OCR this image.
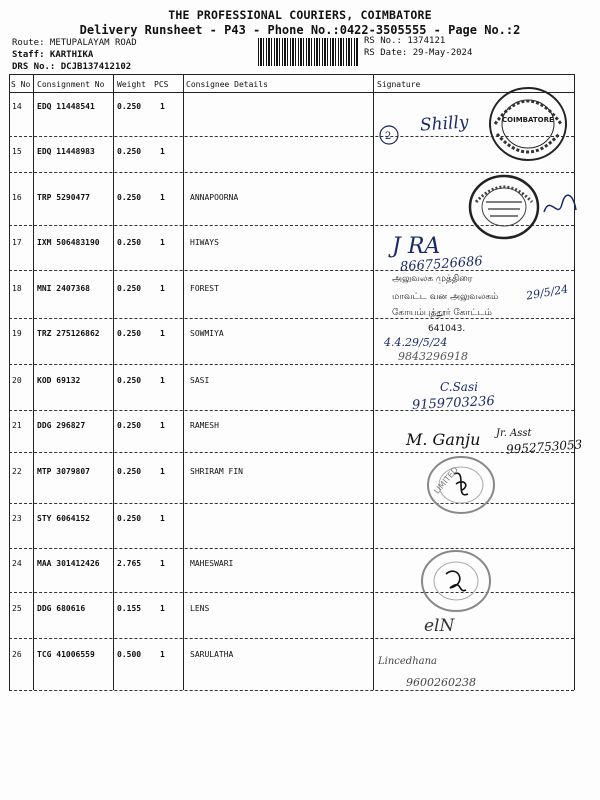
THE PROFESSIONAL COURIERS, COIMBATORE
Delivery Runsheet - P43 - Phone No.:0422-3505555 - Page No.:2
Route: METUPALAYAM ROAD
Staff: KARTHIKA
DRS No.: DCJB137412102
RS No.: 1374121
RS Date: 29-May-2024
S No Consignment No Weight PCS Consignee Details	Signature
14 EDQ 11448541	0.250 1
15 EDQ 11448983	0.250 1
16 TRP 5290477	0.250 1	ANNAPOORNA
17 IXM 506483190 0.250 1	HIWAYS
18 MNI 2407368	0.250 1	FOREST
19 TRZ 275126862 0.250 1	SOWMIYA
20 KOD 69132	0.250 1	SASI
21 DDG 296827	0.250 1	RAMESH
22 MTP 3079807	0.250 1	SHRIRAM FIN
23 STY 6064152	0.250 1
24 MAA 301412426 2.765 1	MAHESWARI
25 DDG 680616	0.155 1	LENS
26 TCG 41006559	0.500 1	SARULATHA
Shilly
2
COIMBATORE
J RA
8667526686
அலுவலக முத்திரை
மாவட்ட வன அலுவலகம்
கோயம்புத்தூர் கோட்டம்
641043.
29/5/24
4.4.29/5/24
9843296918
C.Sasi
9159703236
M. Ganju Jr. Asst
9952753053
LIMITED
elN
Lincedhana
9600260238
